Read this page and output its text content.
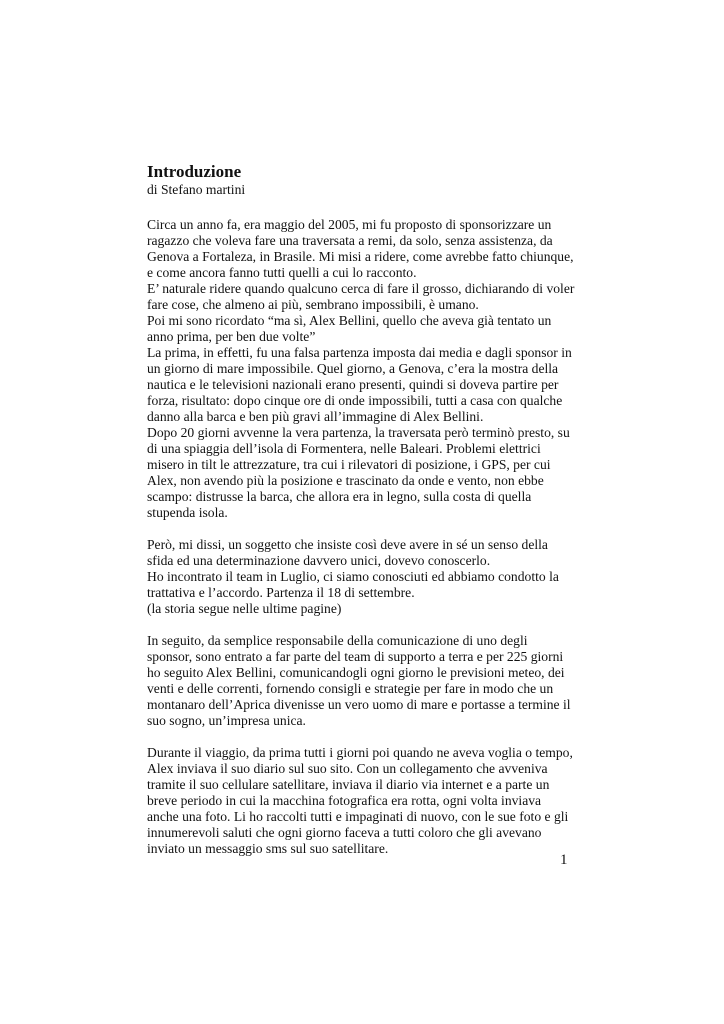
Introduzione

di Stefano martini

Circa un anno fa, era maggio del 2005, mi fu proposto di sponsorizzare un
ragazzo che voleva fare una traversata a remi, da solo, senza assistenza, da
Genova a Fortaleza, in Brasile. Mi misi a ridere, come avrebbe fatto chiunque,
e come ancora fanno tutti quelli a cui lo racconto.
E’ naturale ridere quando qualcuno cerca di fare il grosso, dichiarando di voler
fare cose, che almeno ai più, sembrano impossibili, è umano.
Poi mi sono ricordato “ma sì, Alex Bellini, quello che aveva già tentato un
anno prima, per ben due volte”
La prima, in effetti, fu una falsa partenza imposta dai media e dagli sponsor in
un giorno di mare impossibile. Quel giorno, a Genova, c’era la mostra della
nautica e le televisioni nazionali erano presenti, quindi si doveva partire per
forza, risultato: dopo cinque ore di onde impossibili, tutti a casa con qualche
danno alla barca e ben più gravi all’immagine di Alex Bellini.
Dopo 20 giorni avvenne la vera partenza, la traversata però terminò presto, su
di una spiaggia dell’isola di Formentera, nelle Baleari. Problemi elettrici
misero in tilt le attrezzature, tra cui i rilevatori di posizione, i GPS, per cui
Alex, non avendo più la posizione e trascinato da onde e vento, non ebbe
scampo: distrusse la barca, che allora era in legno, sulla costa di quella
stupenda isola.

Però, mi dissi, un soggetto che insiste così deve avere in sé un senso della
sfida ed una determinazione davvero unici, dovevo conoscerlo.
Ho incontrato il team in Luglio, ci siamo conosciuti ed abbiamo condotto la
trattativa e l’accordo. Partenza il 18 di settembre.
(la storia segue nelle ultime pagine)

In seguito, da semplice responsabile della comunicazione di uno degli
sponsor, sono entrato a far parte del team di supporto a terra e per 225 giorni
ho seguito Alex Bellini, comunicandogli ogni giorno le previsioni meteo, dei
venti e delle correnti, fornendo consigli e strategie per fare in modo che un
montanaro dell’Aprica divenisse un vero uomo di mare e portasse a termine il
suo sogno, un’impresa unica.

Durante il viaggio, da prima tutti i giorni poi quando ne aveva voglia o tempo,
Alex inviava il suo diario sul suo sito. Con un collegamento che avveniva
tramite il suo cellulare satellitare, inviava il diario via internet e a parte un
breve periodo in cui la macchina fotografica era rotta, ogni volta inviava
anche una foto. Li ho raccolti tutti e impaginati di nuovo, con le sue foto e gli
innumerevoli saluti che ogni giorno faceva a tutti coloro che gli avevano
inviato un messaggio sms sul suo satellitare.

1
